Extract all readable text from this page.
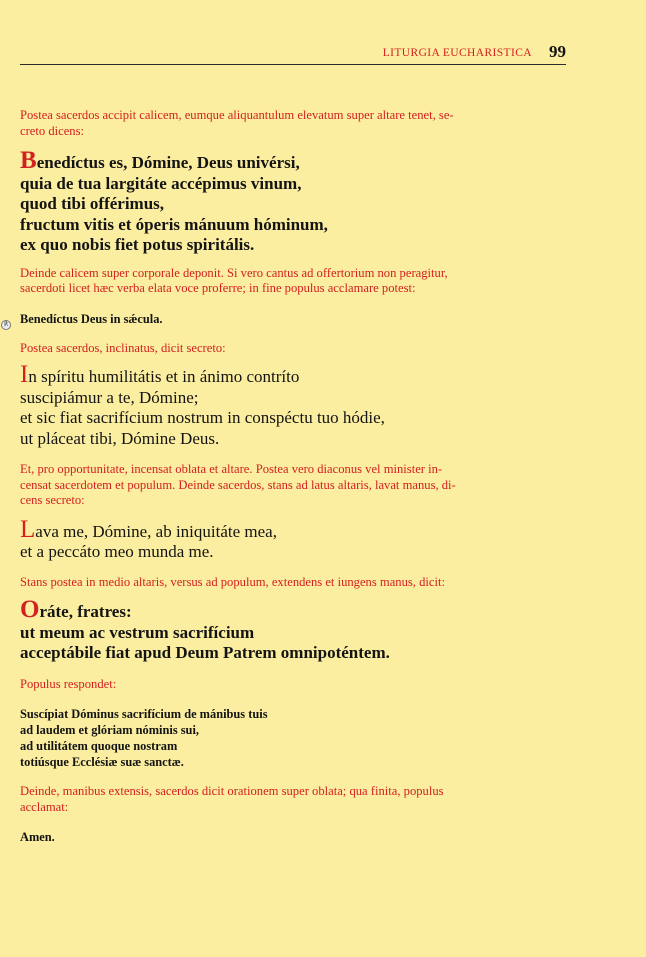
LITURGIA EUCHARISTICA 99
℟

Postea sacerdos accipit calicem, eumque aliquantulum elevatum super altare tenet, se-
creto dicens:

Benedíctus es, Dómine, Deus univérsi,
quia de tua largitáte accépimus vinum,
quod tibi offérimus,
fructum vitis et óperis mánuum hóminum,
ex quo nobis fiet potus spiritális.

Deinde calicem super corporale deponit. Si vero cantus ad offertorium non peragitur,
sacerdoti licet hæc verba elata voce proferre; in fine populus acclamare potest:

Benedíctus Deus in sǽcula.

Postea sacerdos, inclinatus, dicit secreto:

In spíritu humilitátis et in ánimo contríto
suscipiámur a te, Dómine;
et sic fiat sacrifícium nostrum in conspéctu tuo hódie,
ut pláceat tibi, Dómine Deus.

Et, pro opportunitate, incensat oblata et altare. Postea vero diaconus vel minister in-
censat sacerdotem et populum. Deinde sacerdos, stans ad latus altaris, lavat manus, di-
cens secreto:

Lava me, Dómine, ab iniquitáte mea,
et a peccáto meo munda me.

Stans postea in medio altaris, versus ad populum, extendens et iungens manus, dicit:

Oráte, fratres:
ut meum ac vestrum sacrifícium
acceptábile fiat apud Deum Patrem omnipoténtem.

Populus respondet:

Suscípiat Dóminus sacrifícium de mánibus tuis
ad laudem et glóriam nóminis sui,
ad utilitátem quoque nostram
totiúsque Ecclésiæ suæ sanctæ.

Deinde, manibus extensis, sacerdos dicit orationem super oblata; qua finita, populus
acclamat:

Amen.
